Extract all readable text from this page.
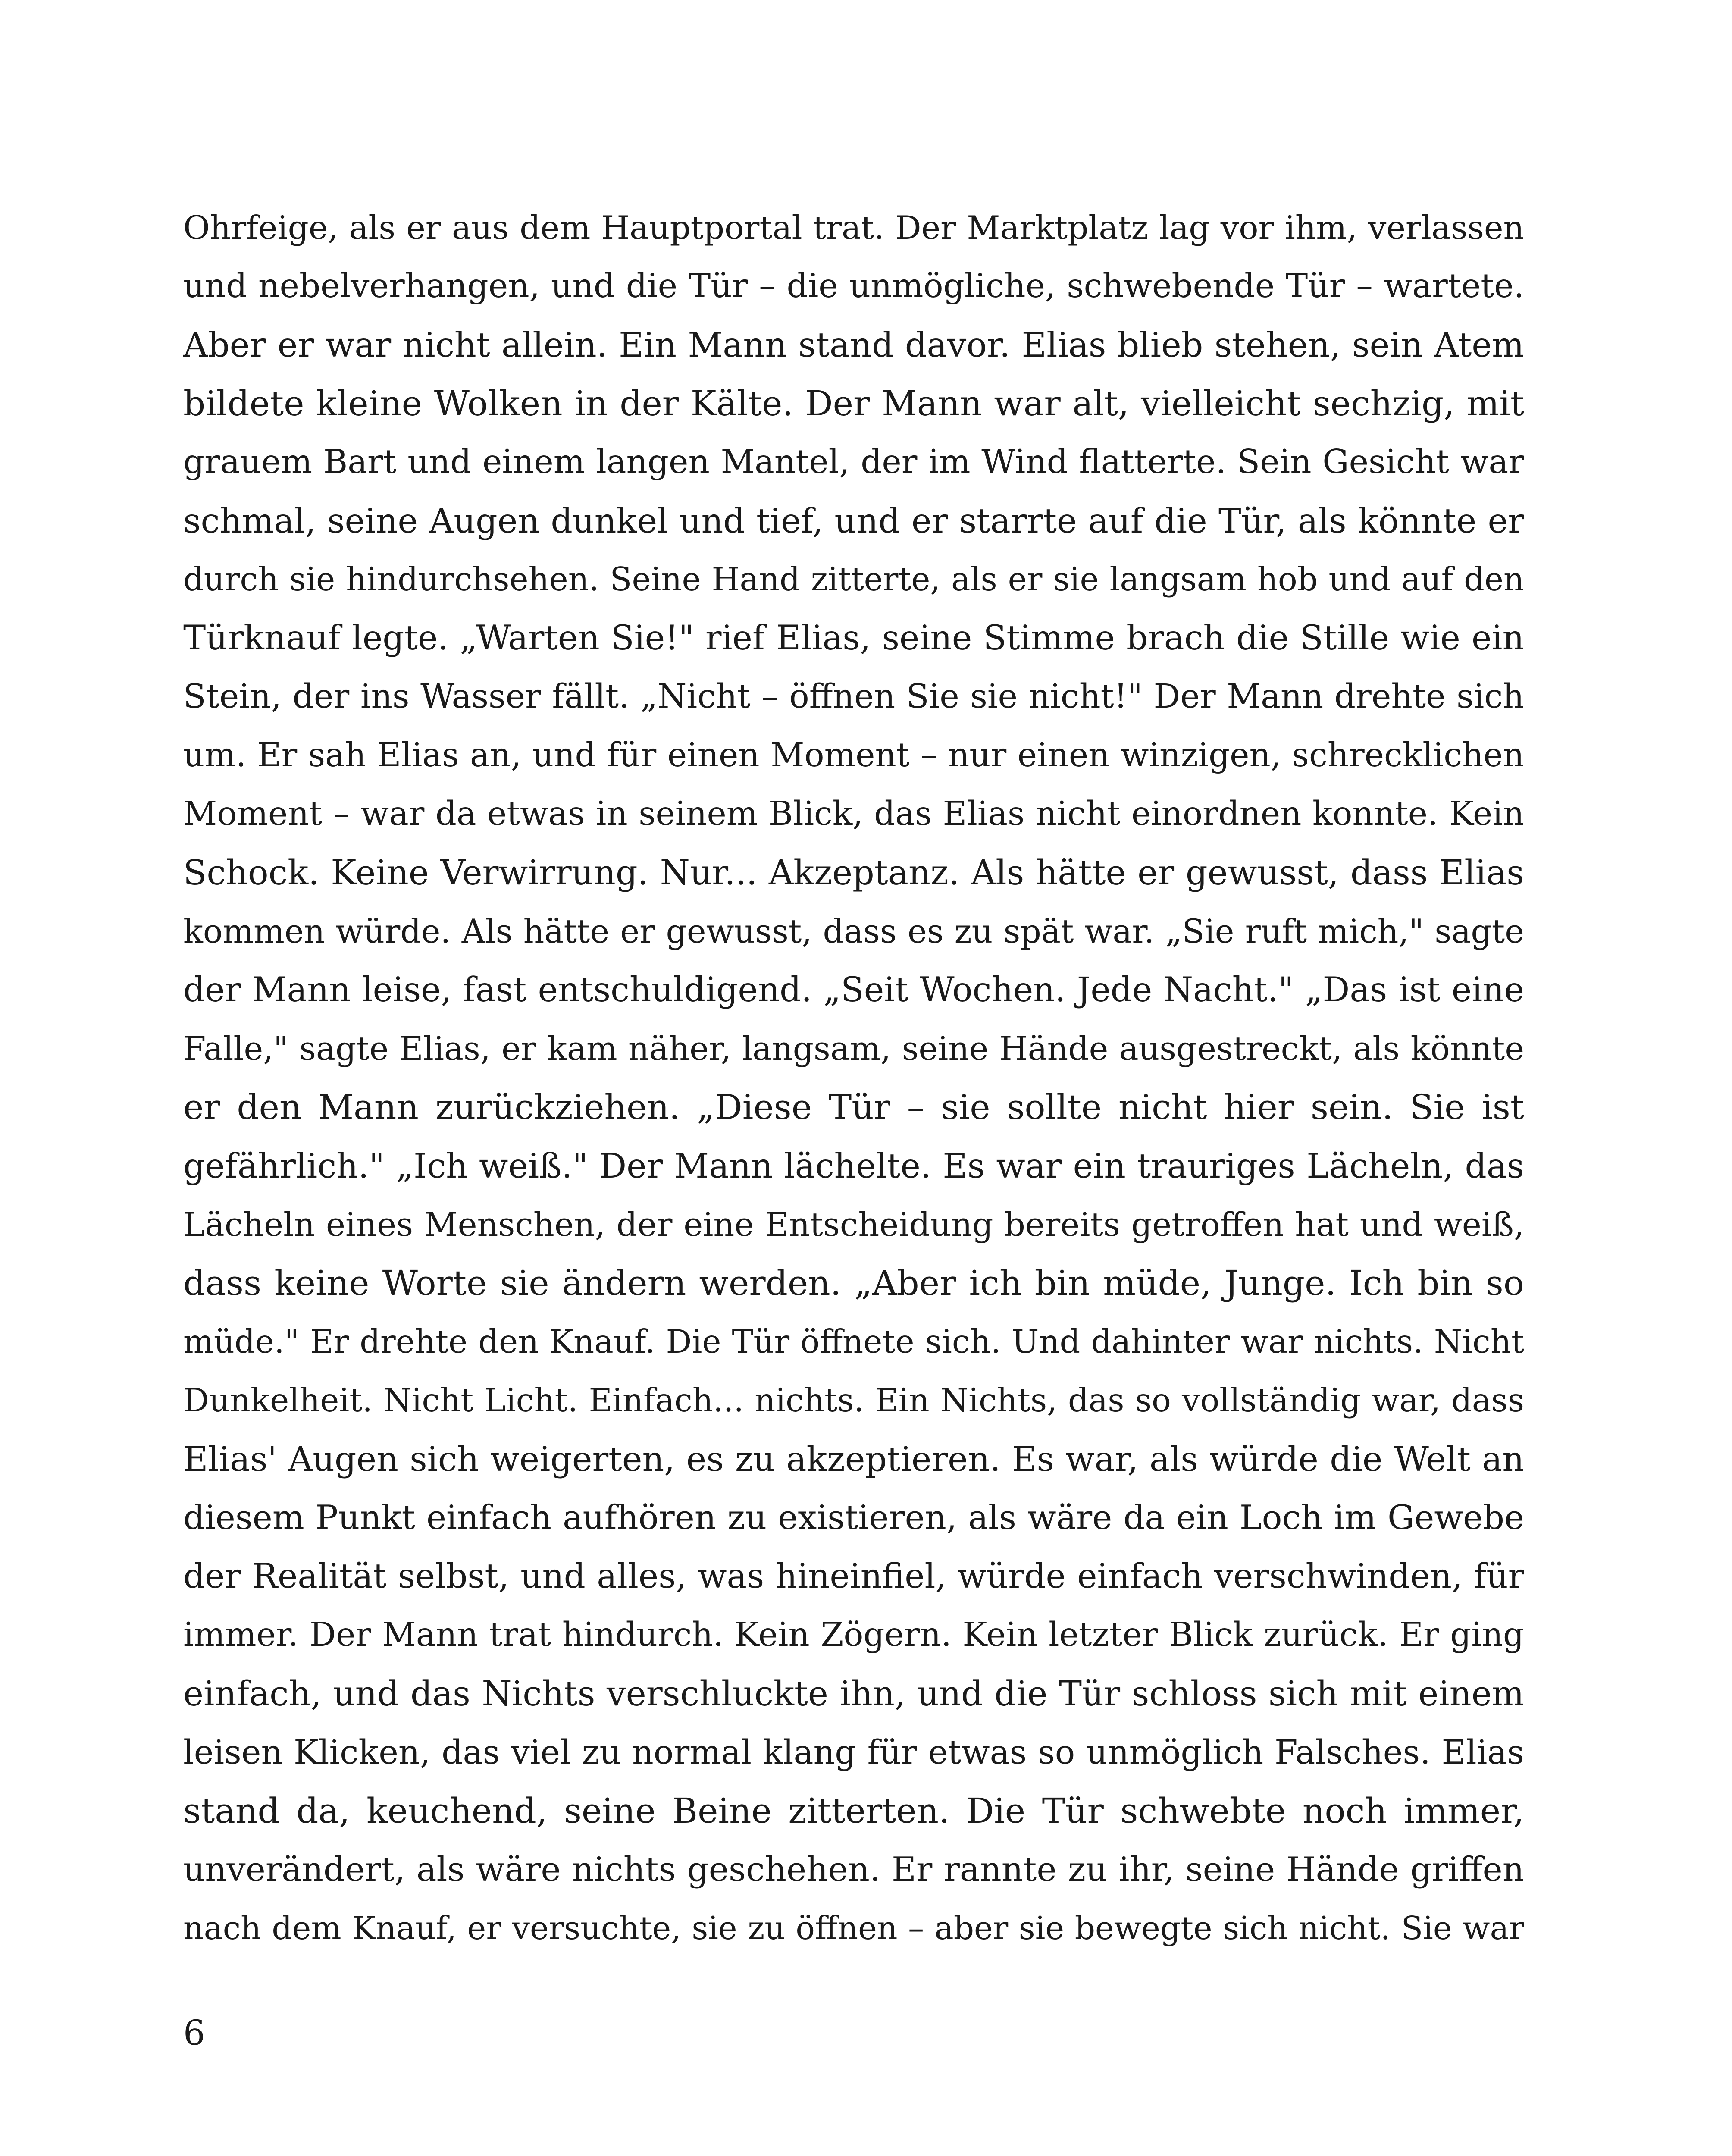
Ohrfeige, als er aus dem Hauptportal trat. Der Marktplatz lag vor ihm, verlassen
und nebelverhangen, und die Tür – die unmögliche, schwebende Tür – wartete.
Aber er war nicht allein. Ein Mann stand davor. Elias blieb stehen, sein Atem
bildete kleine Wolken in der Kälte. Der Mann war alt, vielleicht sechzig, mit
grauem Bart und einem langen Mantel, der im Wind flatterte. Sein Gesicht war
schmal, seine Augen dunkel und tief, und er starrte auf die Tür, als könnte er
durch sie hindurchsehen. Seine Hand zitterte, als er sie langsam hob und auf den
Türknauf legte. „Warten Sie!" rief Elias, seine Stimme brach die Stille wie ein
Stein, der ins Wasser fällt. „Nicht – öffnen Sie sie nicht!" Der Mann drehte sich
um. Er sah Elias an, und für einen Moment – nur einen winzigen, schrecklichen
Moment – war da etwas in seinem Blick, das Elias nicht einordnen konnte. Kein
Schock. Keine Verwirrung. Nur... Akzeptanz. Als hätte er gewusst, dass Elias
kommen würde. Als hätte er gewusst, dass es zu spät war. „Sie ruft mich," sagte
der Mann leise, fast entschuldigend. „Seit Wochen. Jede Nacht." „Das ist eine
Falle," sagte Elias, er kam näher, langsam, seine Hände ausgestreckt, als könnte
er den Mann zurückziehen. „Diese Tür – sie sollte nicht hier sein. Sie ist
gefährlich." „Ich weiß." Der Mann lächelte. Es war ein trauriges Lächeln, das
Lächeln eines Menschen, der eine Entscheidung bereits getroffen hat und weiß,
dass keine Worte sie ändern werden. „Aber ich bin müde, Junge. Ich bin so
müde." Er drehte den Knauf. Die Tür öffnete sich. Und dahinter war nichts. Nicht
Dunkelheit. Nicht Licht. Einfach... nichts. Ein Nichts, das so vollständig war, dass
Elias' Augen sich weigerten, es zu akzeptieren. Es war, als würde die Welt an
diesem Punkt einfach aufhören zu existieren, als wäre da ein Loch im Gewebe
der Realität selbst, und alles, was hineinfiel, würde einfach verschwinden, für
immer. Der Mann trat hindurch. Kein Zögern. Kein letzter Blick zurück. Er ging
einfach, und das Nichts verschluckte ihn, und die Tür schloss sich mit einem
leisen Klicken, das viel zu normal klang für etwas so unmöglich Falsches. Elias
stand da, keuchend, seine Beine zitterten. Die Tür schwebte noch immer,
unverändert, als wäre nichts geschehen. Er rannte zu ihr, seine Hände griffen
nach dem Knauf, er versuchte, sie zu öffnen – aber sie bewegte sich nicht. Sie war
6
